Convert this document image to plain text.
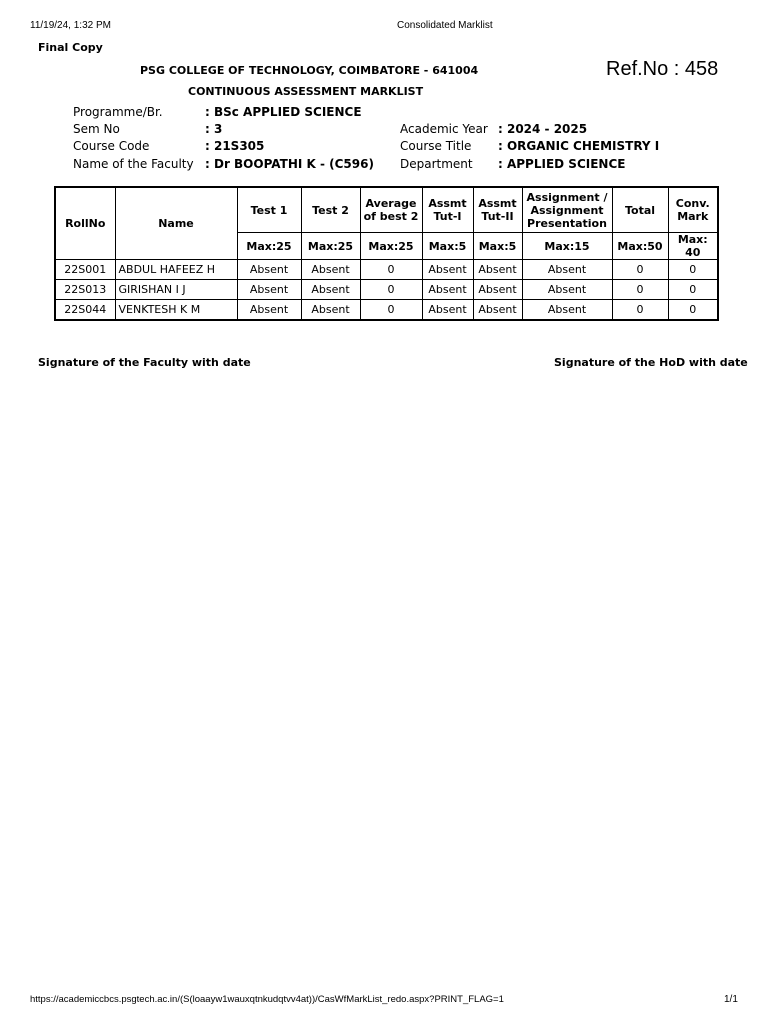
11/19/24, 1:32 PM	Consolidated Marklist
Final Copy
PSG COLLEGE OF TECHNOLOGY, COIMBATORE - 641004	Ref.No : 458
CONTINUOUS ASSESSMENT MARKLIST
Programme/Br.	: BSc APPLIED SCIENCE
Sem No	: 3
Course Code	: 21S305
Name of the Faculty : Dr BOOPATHI K - (C596)
Academic Year : 2024 - 2025
Course Title : ORGANIC CHEMISTRY I
Department : APPLIED SCIENCE
RollNo	Name	Test 1	Test 2	Average of best 2	Assmt Tut-I	Assmt Tut-II	Assignment / Assignment Presentation	Total	Conv. Mark
		Max:25	Max:25	Max:25	Max:5	Max:5	Max:15	Max:50	Max: 40
22S001	ABDUL HAFEEZ H	Absent	Absent	0	Absent	Absent	Absent	0	0
22S013	GIRISHAN I J	Absent	Absent	0	Absent	Absent	Absent	0	0
22S044	VENKTESH K M	Absent	Absent	0	Absent	Absent	Absent	0	0
Signature of the Faculty with date	Signature of the HoD with date
https://academiccbcs.psgtech.ac.in/(S(loaayw1wauxqtnkudqtvv4at))/CasWfMarkList_redo.aspx?PRINT_FLAG=1	1/1
